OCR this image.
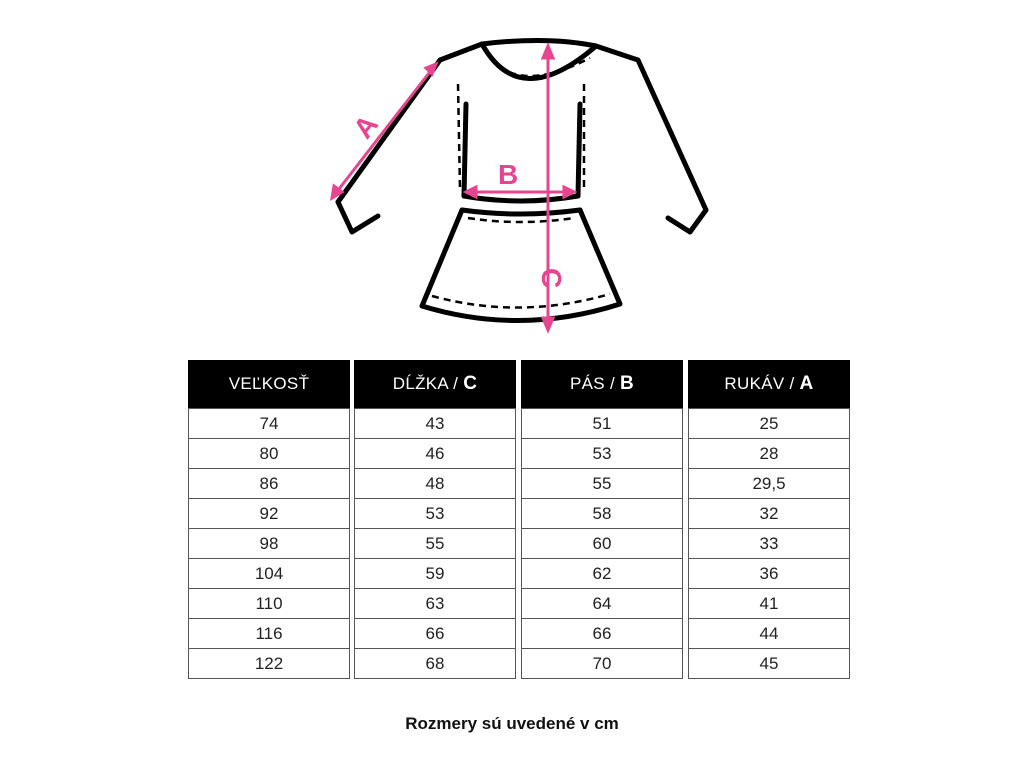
A
B
C
VEĽKOSŤ
74
80
86
92
98
104
110
116
122
DĹŽKA / C
43
46
48
53
55
59
63
66
68
PÁS / B
51
53
55
58
60
62
64
66
70
RUKÁV / A
25
28
29,5
32
33
36
41
44
45
Rozmery sú uvedené v cm
